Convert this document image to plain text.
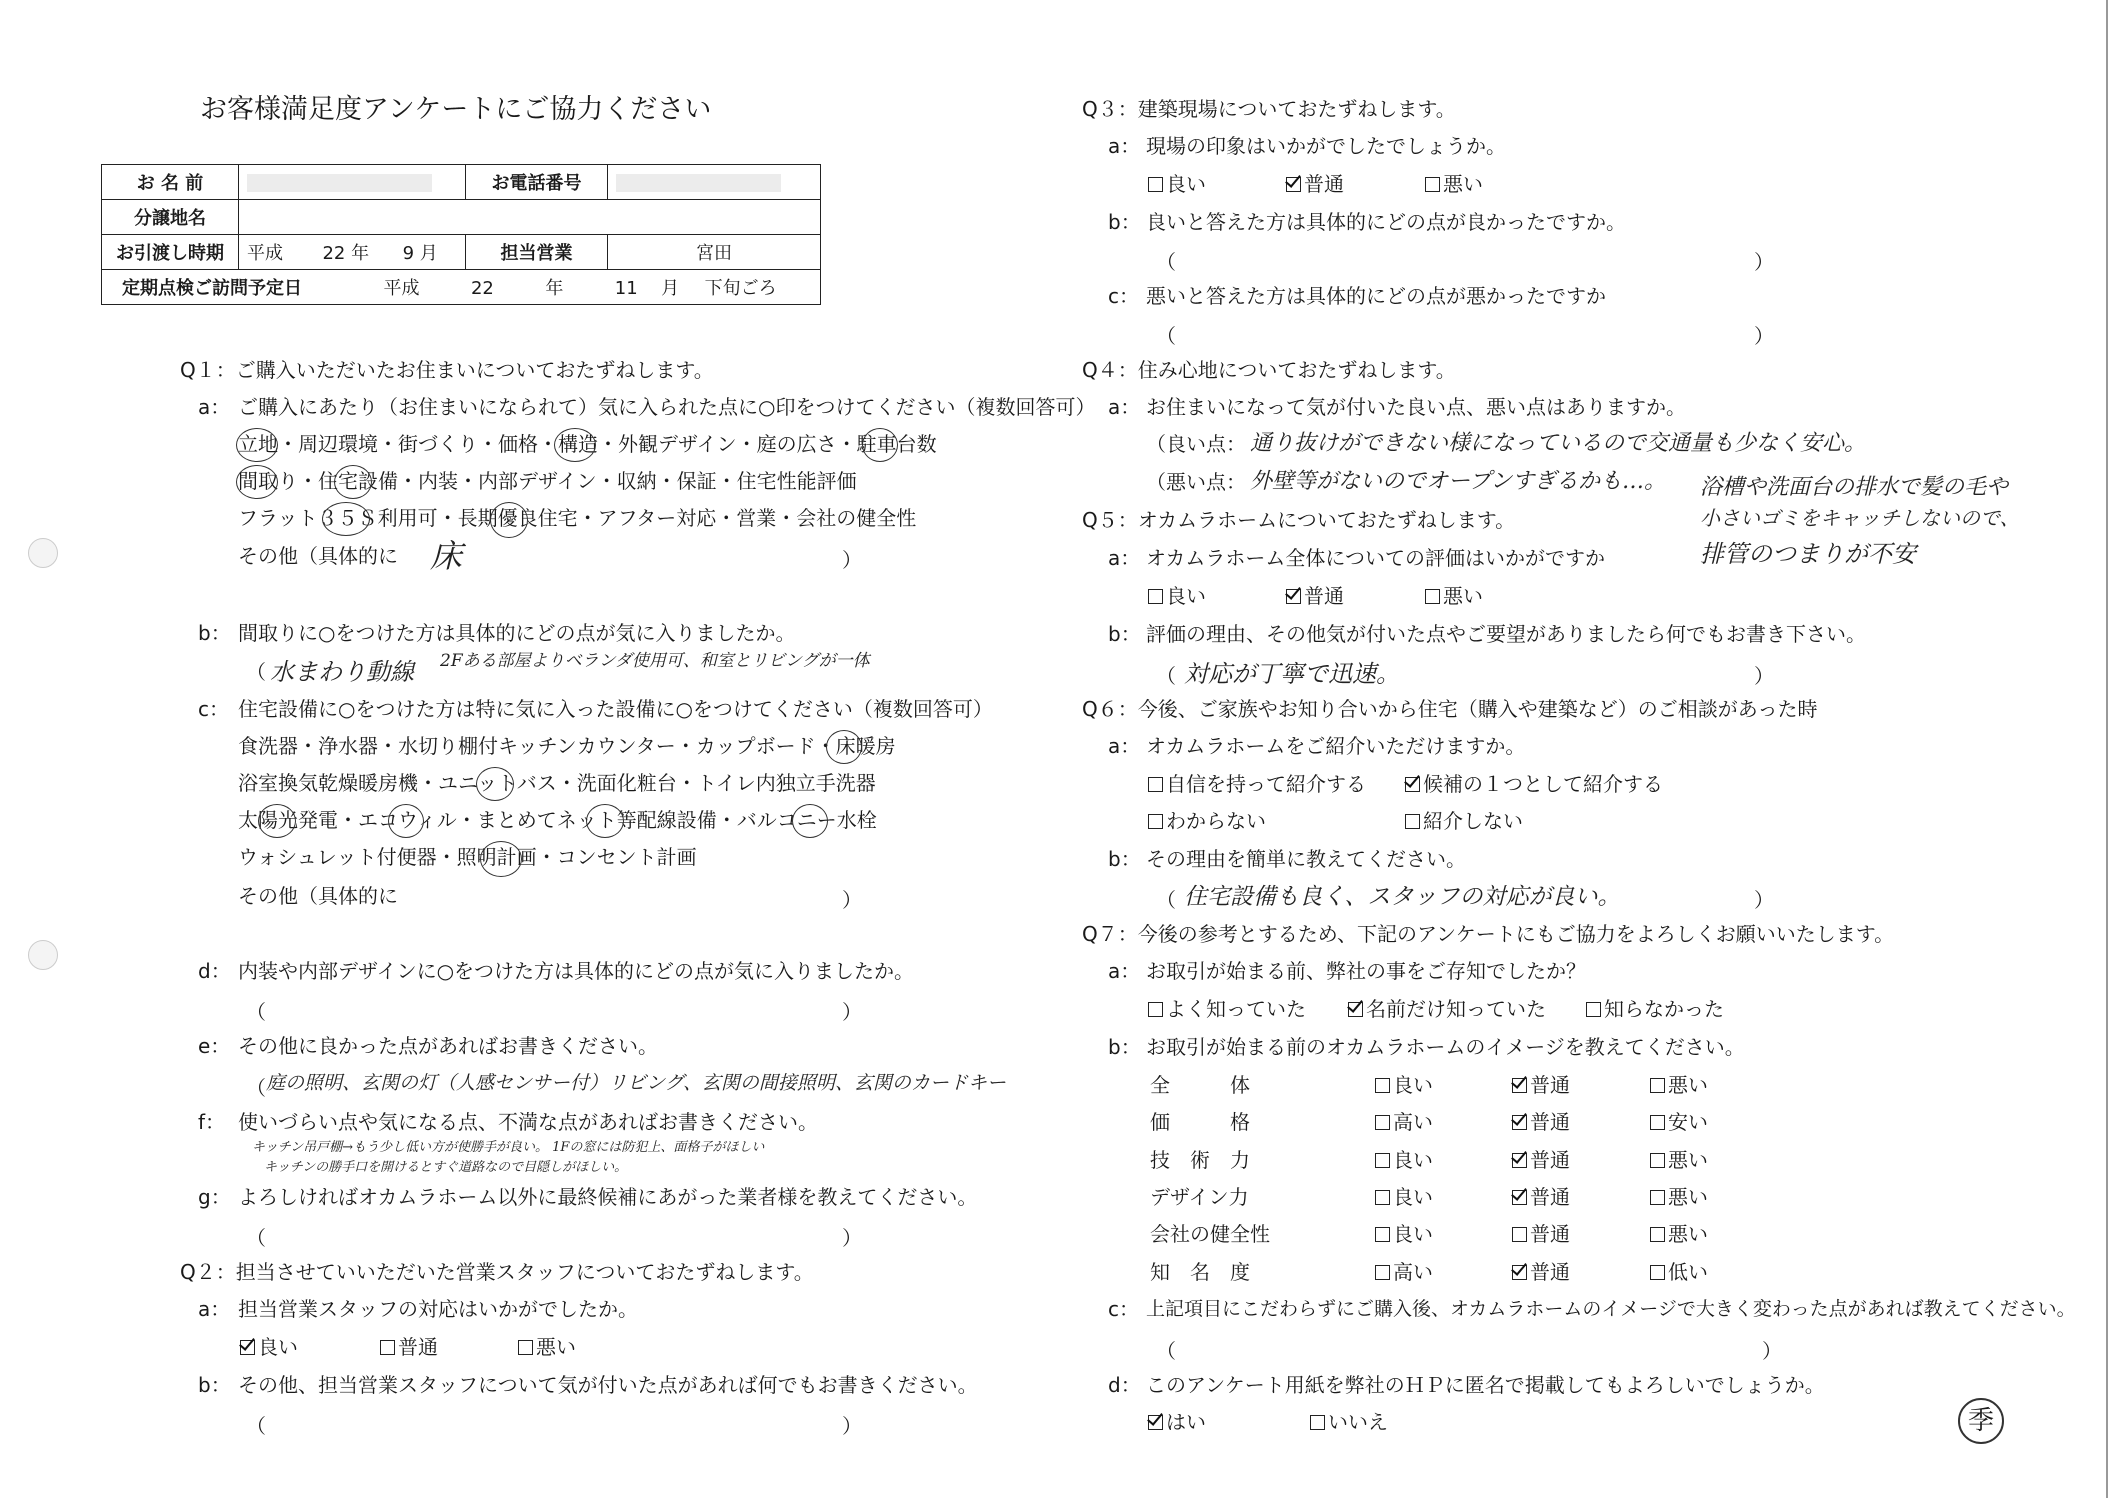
お客様満足度アンケートにご協力ください
お 名 前		お電話番号	
分譲地名			
お引渡し時期	平成 22 年 9 月	担当営業	宮田
定期点検ご訪問予定日 平成 22 年 11 月 下旬ごろ			
Q１：ご購入いただいたお住まいについておたずねします。
a： ご購入にあたり（お住まいになられて）気に入られた点に○印をつけてください（複数回答可）
立地・周辺環境・街づくり・価格・構造・外観デザイン・庭の広さ・駐車台数
間取り・住宅設備・内装・内部デザイン・収納・保証・住宅性能評価
フラット３５Ｓ利用可・長期優良住宅・アフター対応・営業・会社の健全性
その他（具体的に 床	）
b： 間取りに○をつけた方は具体的にどの点が気に入りましたか。
（ 水まわり動線 2Fある部屋よりベランダ使用可、和室とリビングが一体
c： 住宅設備に○をつけた方は特に気に入った設備に○をつけてください（複数回答可）
食洗器・浄水器・水切り棚付キッチンカウンター・カップボード・床暖房
浴室換気乾燥暖房機・ユニットバス・洗面化粧台・トイレ内独立手洗器
太陽光発電・エコウィル・まとめてネット等配線設備・バルコニー水栓
ウォシュレット付便器・照明計画・コンセント計画
その他（具体的に	）
d： 内装や内部デザインに○をつけた方は具体的にどの点が気に入りましたか。
（	）
e： その他に良かった点があればお書きください。
（ 庭の照明、玄関の灯（人感センサー付）リビング、玄関の間接照明、玄関のカードキー
f： 使いづらい点や気になる点、不満な点があればお書きください。
キッチン吊戸棚→もう少し低い方が使勝手が良い。 1Fの窓には防犯上、面格子がほしい
キッチンの勝手口を開けるとすぐ道路なので目隠しがほしい。
g： よろしければオカムラホーム以外に最終候補にあがった業者様を教えてください。
（	）
Q２：担当させていいただいた営業スタッフについておたずねします。
a： 担当営業スタッフの対応はいかがでしたか。
良い	普通	悪い
b： その他、担当営業スタッフについて気が付いた点があれば何でもお書きください。
（	）
Q３：建築現場についておたずねします。
a： 現場の印象はいかがでしたでしょうか。
良い	普通	悪い
b： 良いと答えた方は具体的にどの点が良かったですか。
（	）
c： 悪いと答えた方は具体的にどの点が悪かったですか
（	）
Q４：住み心地についておたずねします。
a： お住まいになって気が付いた良い点、悪い点はありますか。
（良い点： 通り抜けができない様になっているので交通量も少なく安心。
（悪い点： 外壁等がないのでオープンすぎるかも…。 浴槽や洗面台の排水で髪の毛や
小さいゴミをキャッチしないので、
排管のつまりが不安
Q５：オカムラホームについておたずねします。
a： オカムラホーム全体についての評価はいかがですか
良い	普通	悪い
b： 評価の理由、その他気が付いた点やご要望がありましたら何でもお書き下さい。
（ 対応が丁寧で迅速。	）
Q６：今後、ご家族やお知り合いから住宅（購入や建築など）のご相談があった時
a： オカムラホームをご紹介いただけますか。
自信を持って紹介する	候補の１つとして紹介する
わからない	紹介しない
b： その理由を簡単に教えてください。
（ 住宅設備も良く、スタッフの対応が良い。	）
Q７：今後の参考とするため、下記のアンケートにもご協力をよろしくお願いいたします。
a： お取引が始まる前、弊社の事をご存知でしたか？
よく知っていた	名前だけ知っていた	知らなかった
b： お取引が始まる前のオカムラホームのイメージを教えてください。
全　　　体	良い	普通	悪い
価　　　格	高い	普通	安い
技　術　力	良い	普通	悪い
デザイン力	良い	普通	悪い
会社の健全性	良い	普通	悪い
知　名　度	高い	普通	低い
c： 上記項目にこだわらずにご購入後、オカムラホームのイメージで大きく変わった点があれば教えてください。
（	）
d： このアンケート用紙を弊社のＨＰに匿名で掲載してもよろしいでしょうか。
はい	いいえ	季
